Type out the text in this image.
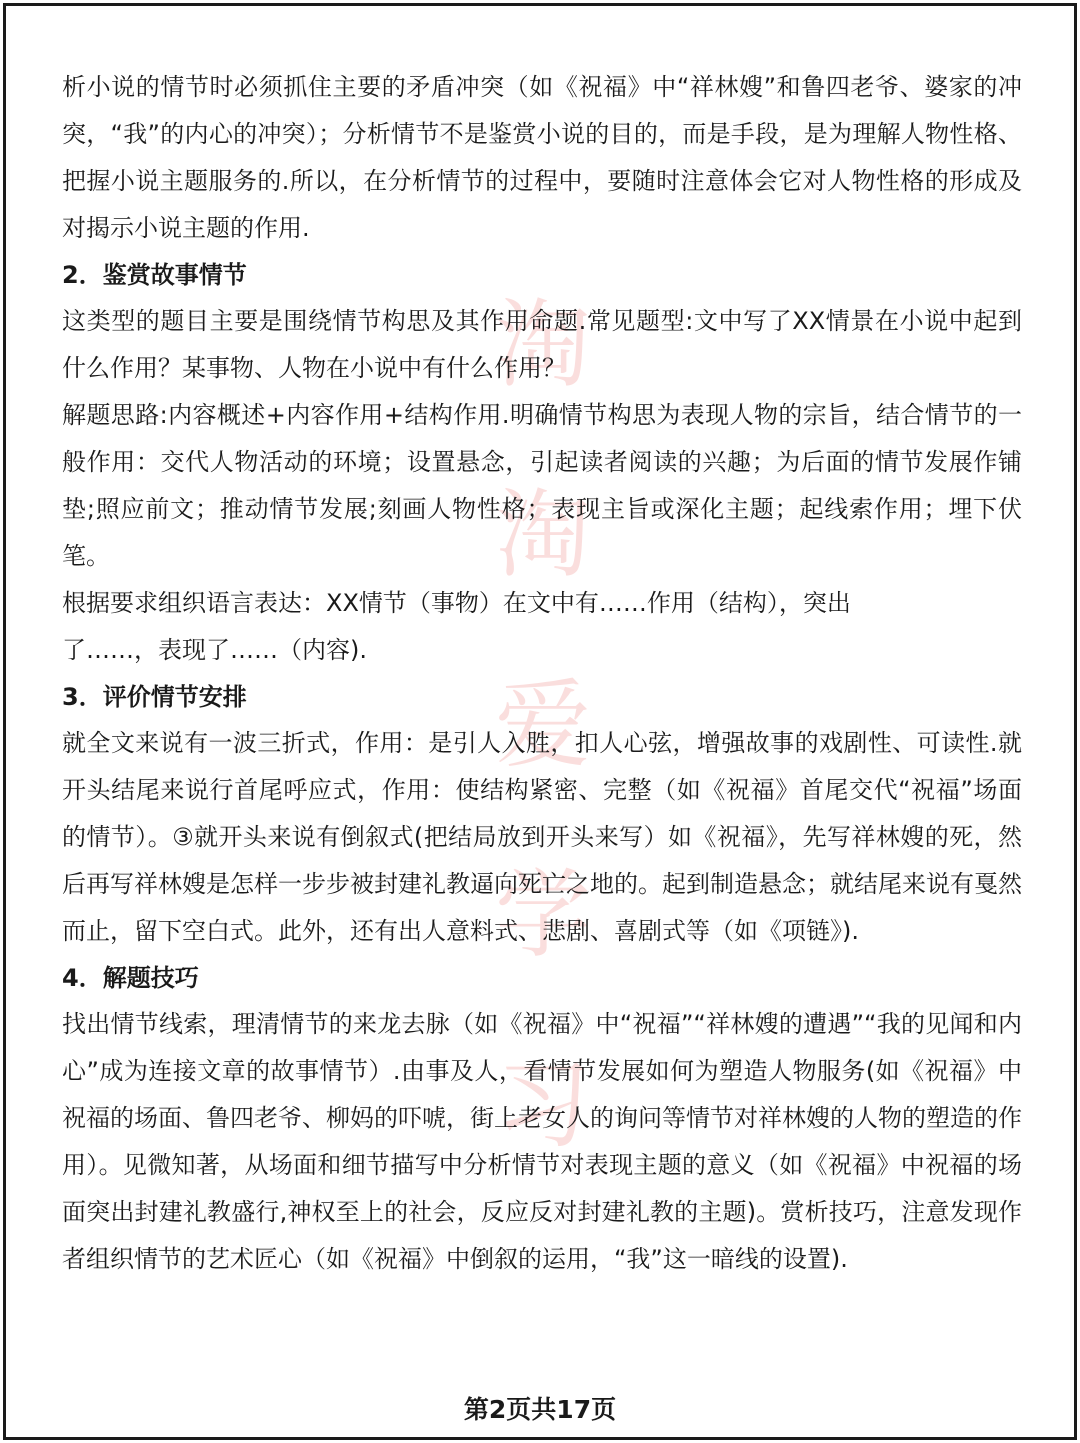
淘
淘
爱
学
习

析小说的情节时必须抓住主要的矛盾冲突（如《祝福》中“祥林嫂”和鲁四老爷、婆家的冲突，“我”的内心的冲突）；分析情节不是鉴赏小说的目的，而是手段，是为理解人物性格、把握小说主题服务的.所以，在分析情节的过程中，要随时注意体会它对人物性格的形成及对揭示小说主题的作用.

2．鉴赏故事情节

这类型的题目主要是围绕情节构思及其作用命题.常见题型:文中写了XX情景在小说中起到什么作用？某事物、人物在小说中有什么作用？

解题思路:内容概述+内容作用+结构作用.明确情节构思为表现人物的宗旨，结合情节的一般作用：交代人物活动的环境；设置悬念，引起读者阅读的兴趣；为后面的情节发展作铺垫;照应前文；推动情节发展;刻画人物性格；表现主旨或深化主题；起线索作用；埋下伏笔。

根据要求组织语言表达：XX情节（事物）在文中有……作用（结构），突出

了……，表现了……（内容).

3．评价情节安排

就全文来说有一波三折式，作用：是引人入胜，扣人心弦，增强故事的戏剧性、可读性.就开头结尾来说行首尾呼应式，作用：使结构紧密、完整（如《祝福》首尾交代“祝福”场面的情节）。③就开头来说有倒叙式(把结局放到开头来写）如《祝福》，先写祥林嫂的死，然后再写祥林嫂是怎样一步步被封建礼教逼向死亡之地的。起到制造悬念；就结尾来说有戛然而止，留下空白式。此外，还有出人意料式、悲剧、喜剧式等（如《项链》).

4．解题技巧

找出情节线索，理清情节的来龙去脉（如《祝福》中“祝福”“祥林嫂的遭遇”“我的见闻和内心”成为连接文章的故事情节）.由事及人，看情节发展如何为塑造人物服务(如《祝福》中祝福的场面、鲁四老爷、柳妈的吓唬，街上老女人的询问等情节对祥林嫂的人物的塑造的作用）。见微知著，从场面和细节描写中分析情节对表现主题的意义（如《祝福》中祝福的场面突出封建礼教盛行,神权至上的社会，反应反对封建礼教的主题)。赏析技巧，注意发现作者组织情节的艺术匠心（如《祝福》中倒叙的运用，“我”这一暗线的设置).

第2页共17页
